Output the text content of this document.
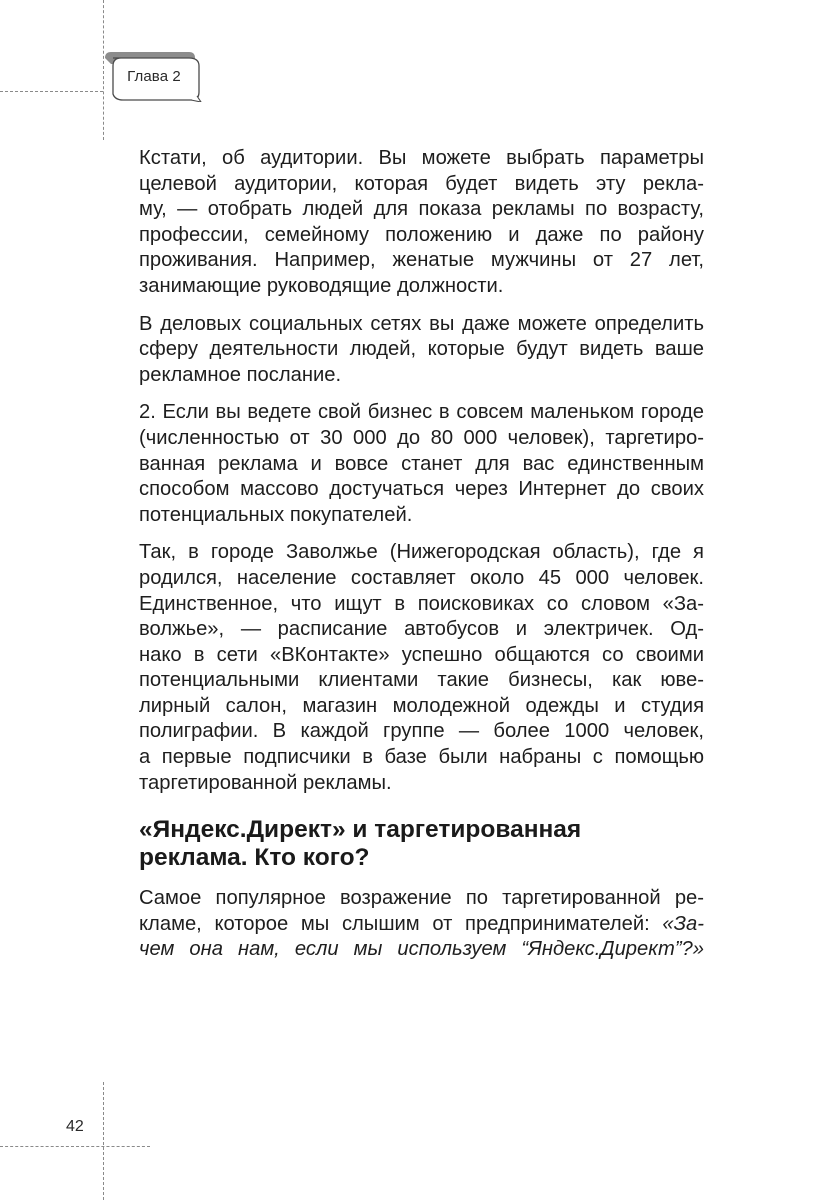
Глава 2

Кстати, об аудитории. Вы можете выбрать параметры
целевой аудитории, которая будет видеть эту рекла-
му, — отобрать людей для показа рекламы по возрасту,
профессии, семейному положению и даже по району
проживания. Например, женатые мужчины от 27 лет,
занимающие руководящие должности.

В деловых социальных сетях вы даже можете определить
сферу деятельности людей, которые будут видеть ваше
рекламное послание.

2. Если вы ведете свой бизнес в совсем маленьком городе
(численностью от 30 000 до 80 000 человек), таргетиро-
ванная реклама и вовсе станет для вас единственным
способом массово достучаться через Интернет до своих
потенциальных покупателей.

Так, в городе Заволжье (Нижегородская область), где я
родился, население составляет около 45 000 человек.
Единственное, что ищут в поисковиках со словом «За-
волжье», — расписание автобусов и электричек. Од-
нако в сети «ВКонтакте» успешно общаются со своими
потенциальными клиентами такие бизнесы, как юве-
лирный салон, магазин молодежной одежды и студия
полиграфии. В каждой группе — более 1000 человек,
а первые подписчики в базе были набраны с помощью
таргетированной рекламы.

«Яндекс.Директ» и таргетированная
реклама. Кто кого?

Самое популярное возражение по таргетированной ре-
кламе, которое мы слышим от предпринимателей: «За-
чем она нам, если мы используем “Яндекс.Директ”?»

42
